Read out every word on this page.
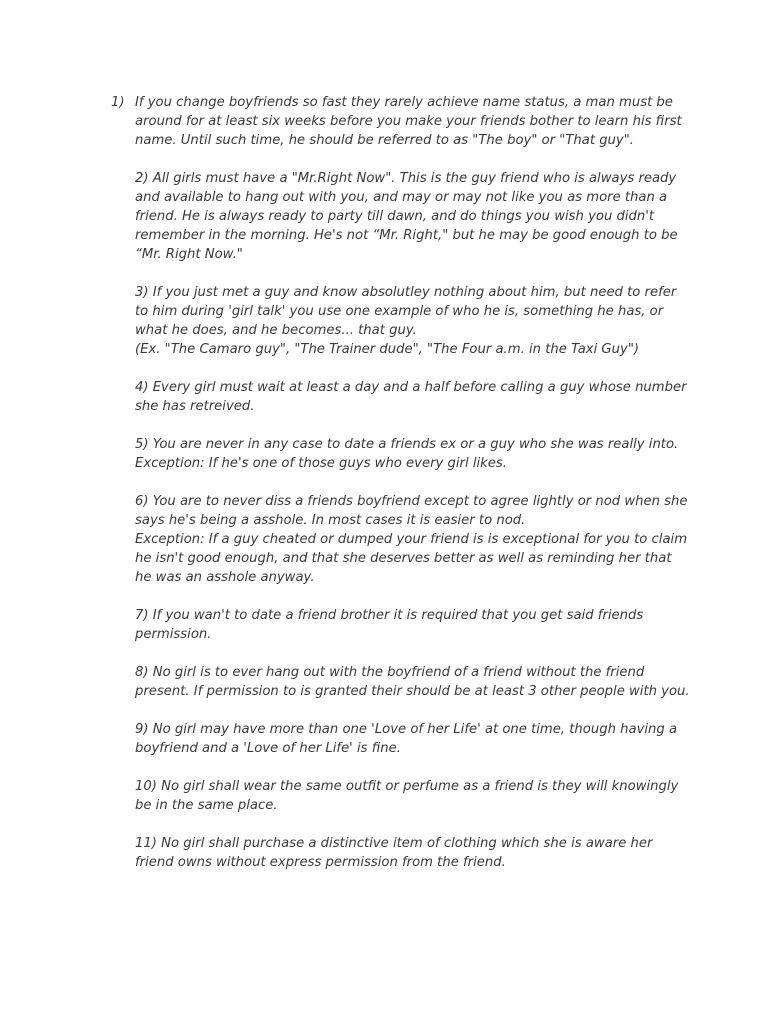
1) If you change boyfriends so fast they rarely achieve name status, a man must be around for at least six weeks before you make your friends bother to learn his first name. Until such time, he should be referred to as "The boy" or "That guy".

2) All girls must have a "Mr.Right Now". This is the guy friend who is always ready and available to hang out with you, and may or may not like you as more than a friend. He is always ready to party till dawn, and do things you wish you didn't remember in the morning. He's not “Mr. Right," but he may be good enough to be “Mr. Right Now."

3) If you just met a guy and know absolutley nothing about him, but need to refer to him during 'girl talk' you use one example of who he is, something he has, or what he does, and he becomes... that guy.

(Ex. "The Camaro guy", "The Trainer dude", "The Four a.m. in the Taxi Guy")

4) Every girl must wait at least a day and a half before calling a guy whose number she has retreived.

5) You are never in any case to date a friends ex or a guy who she was really into.

Exception: If he's one of those guys who every girl likes.

6) You are to never diss a friends boyfriend except to agree lightly or nod when she says he's being a asshole. In most cases it is easier to nod.

Exception: If a guy cheated or dumped your friend is is exceptional for you to claim he isn't good enough, and that she deserves better as well as reminding her that he was an asshole anyway.

7) If you wan't to date a friend brother it is required that you get said friends permission.

8) No girl is to ever hang out with the boyfriend of a friend without the friend present. If permission to is granted their should be at least 3 other people with you.

9) No girl may have more than one 'Love of her Life' at one time, though having a boyfriend and a 'Love of her Life' is fine.

10) No girl shall wear the same outfit or perfume as a friend is they will knowingly be in the same place.

11) No girl shall purchase a distinctive item of clothing which she is aware her friend owns without express permission from the friend.
